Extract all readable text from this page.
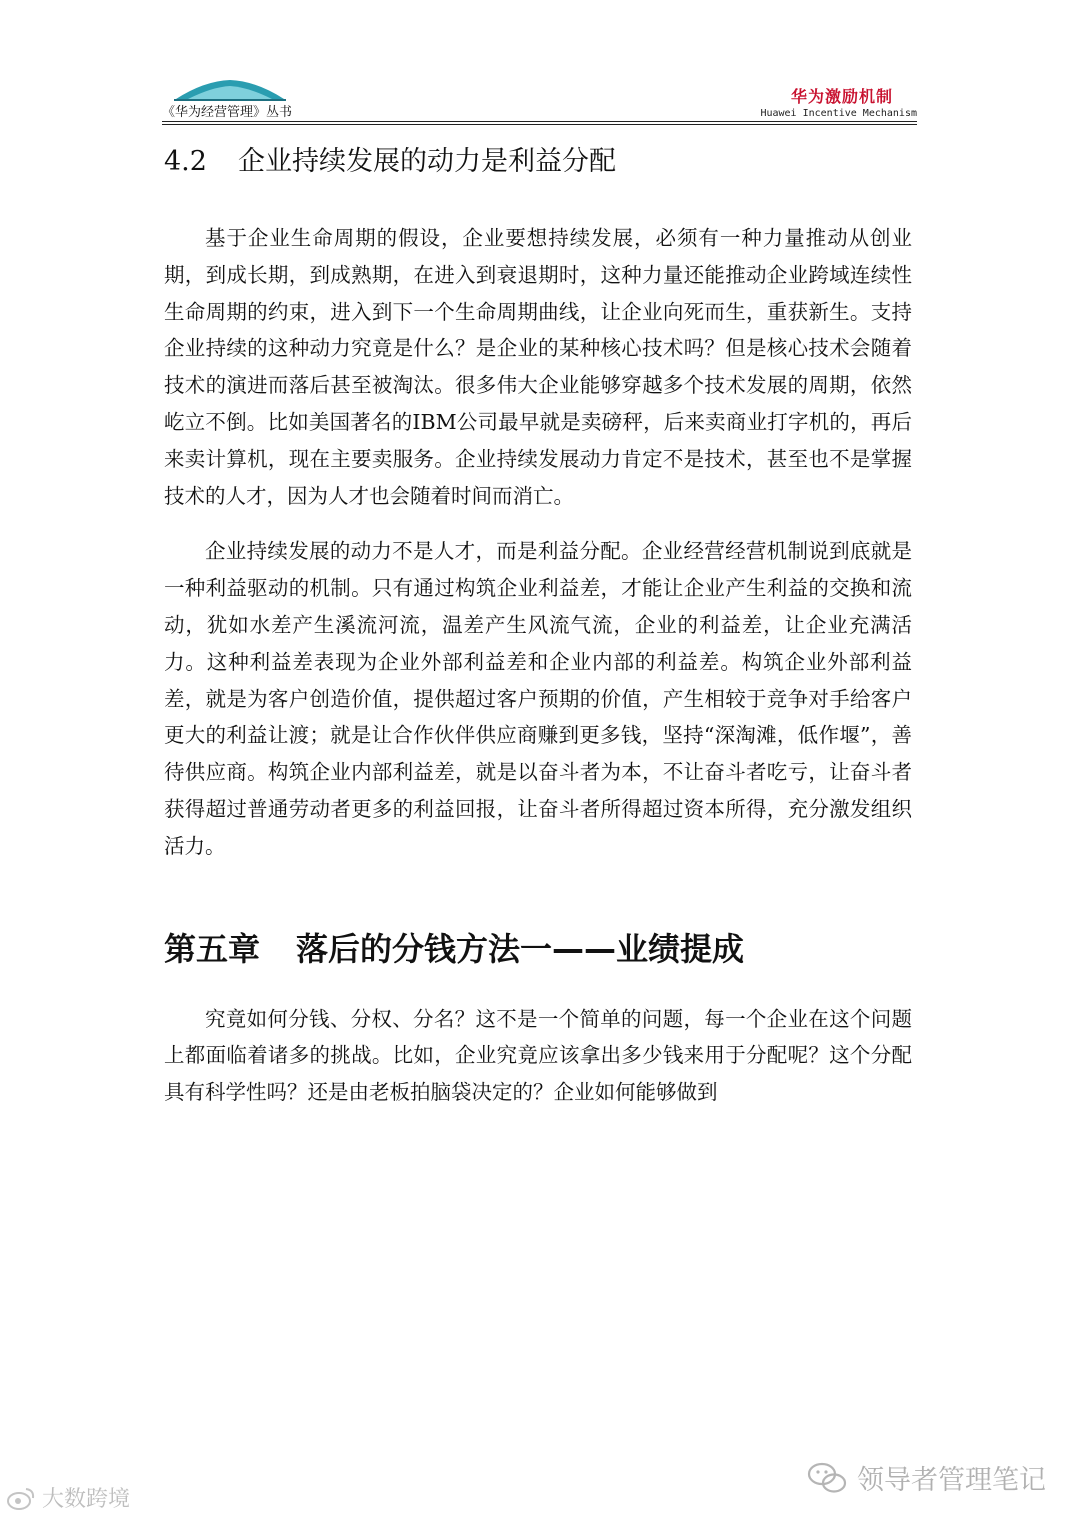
《华为经营管理》丛书
华为激励机制
Huawei Incentive Mechanism
4.2 企业持续发展的动力是利益分配

基于企业生命周期的假设，企业要想持续发展，必须有一种力量推动从创业期，到成长期，到成熟期，在进入到衰退期时，这种力量还能推动企业跨域连续性生命周期的约束，进入到下一个生命周期曲线，让企业向死而生，重获新生。支持企业持续的这种动力究竟是什么？是企业的某种核心技术吗？但是核心技术会随着技术的演进而落后甚至被淘汰。很多伟大企业能够穿越多个技术发展的周期，依然屹立不倒。比如美国著名的IBM公司最早就是卖磅秤，后来卖商业打字机的，再后来卖计算机，现在主要卖服务。企业持续发展动力肯定不是技术，甚至也不是掌握技术的人才，因为人才也会随着时间而消亡。

企业持续发展的动力不是人才，而是利益分配。企业经营经营机制说到底就是一种利益驱动的机制。只有通过构筑企业利益差，才能让企业产生利益的交换和流动，犹如水差产生溪流河流，温差产生风流气流，企业的利益差，让企业充满活力。这种利益差表现为企业外部利益差和企业内部的利益差。构筑企业外部利益差，就是为客户创造价值，提供超过客户预期的价值，产生相较于竞争对手给客户更大的利益让渡；就是让合作伙伴供应商赚到更多钱，坚持“深淘滩，低作堰”，善待供应商。构筑企业内部利益差，就是以奋斗者为本，不让奋斗者吃亏，让奋斗者获得超过普通劳动者更多的利益回报，让奋斗者所得超过资本所得，充分激发组织活力。

第五章 落后的分钱方法一——业绩提成

究竟如何分钱、分权、分名？这不是一个简单的问题，每一个企业在这个问题上都面临着诸多的挑战。比如，企业究竟应该拿出多少钱来用于分配呢？这个分配具有科学性吗？还是由老板拍脑袋决定的？企业如何能够做到

大数跨境
领导者管理笔记
